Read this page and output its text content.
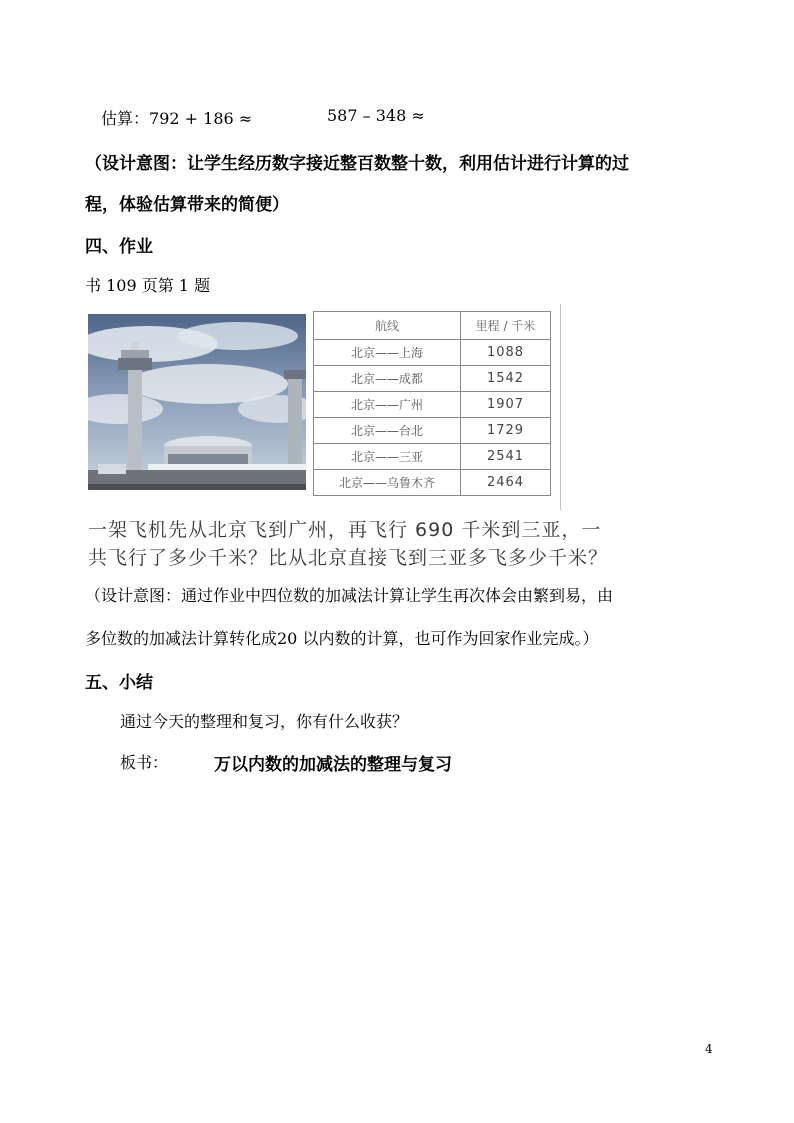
估算：792 + 186 ≈	587 – 348 ≈
（设计意图：让学生经历数字接近整百数整十数，利用估计进行计算的过
程，体验估算带来的简便）
四、作业
书 109 页第 1 题
航线	里程 / 千米
北京——上海	1088
北京——成都	1542
北京——广州	1907
北京——台北	1729
北京——三亚	2541
北京——乌鲁木齐	2464
一架飞机先从北京飞到广州，再飞行 690 千米到三亚，一
共飞行了多少千米？比从北京直接飞到三亚多飞多少千米？
（设计意图：通过作业中四位数的加减法计算让学生再次体会由繁到易，由
多位数的加减法计算转化成20 以内数的计算，也可作为回家作业完成。）
五、小结
通过今天的整理和复习，你有什么收获？
板书：	万以内数的加减法的整理与复习
4
